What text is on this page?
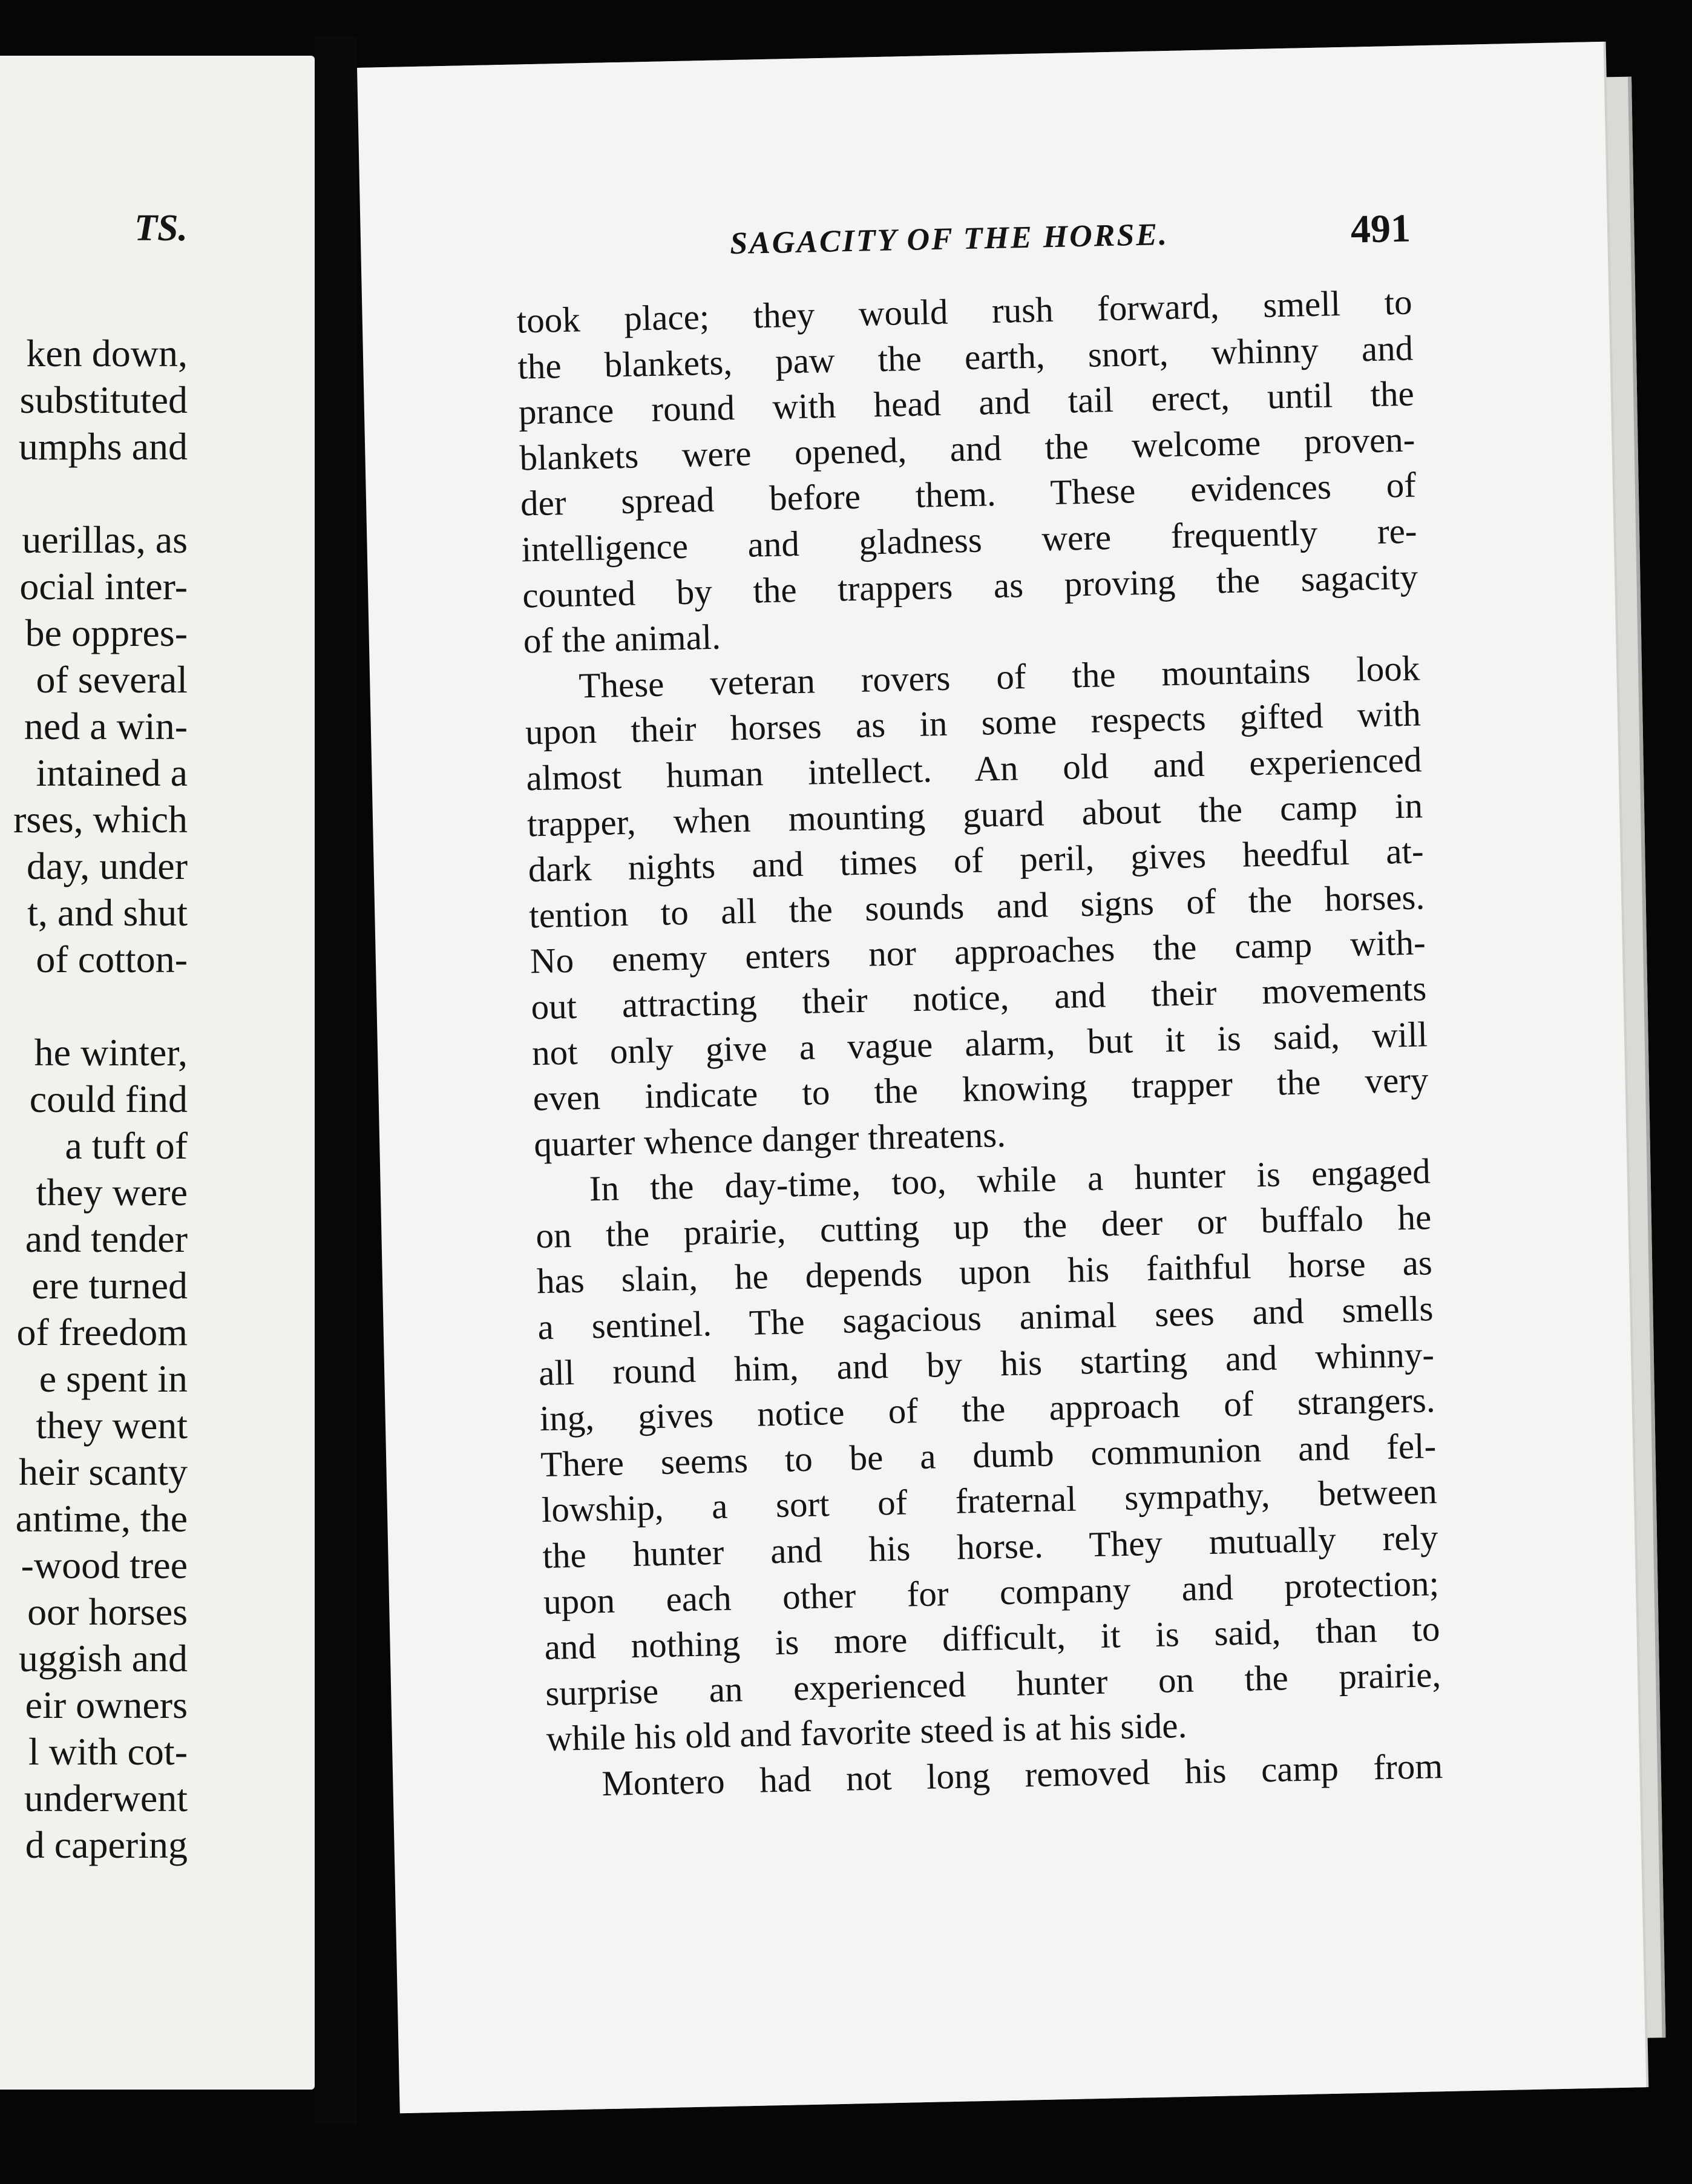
TS.
ken down,
substituted
umphs and
uerillas, as
ocial inter-
be oppres-
of several
ned a win-
intained a
rses, which
day, under
t, and shut
of cotton-
he winter,
could find
a tuft of
they were
and tender
ere turned
of freedom
e spent in
they went
heir scanty
antime, the
-wood tree
oor horses
uggish and
eir owners
l with cot-
underwent
d capering
SAGACITY OF THE HORSE.	491
took place; they would rush forward, smell to
the blankets, paw the earth, snort, whinny and
prance round with head and tail erect, until the
blankets were opened, and the welcome proven-
der spread before them. These evidences of
intelligence and gladness were frequently re-
counted by the trappers as proving the sagacity
of the animal.
These veteran rovers of the mountains look
upon their horses as in some respects gifted with
almost human intellect. An old and experienced
trapper, when mounting guard about the camp in
dark nights and times of peril, gives heedful at-
tention to all the sounds and signs of the horses.
No enemy enters nor approaches the camp with-
out attracting their notice, and their movements
not only give a vague alarm, but it is said, will
even indicate to the knowing trapper the very
quarter whence danger threatens.
In the day-time, too, while a hunter is engaged
on the prairie, cutting up the deer or buffalo he
has slain, he depends upon his faithful horse as
a sentinel. The sagacious animal sees and smells
all round him, and by his starting and whinny-
ing, gives notice of the approach of strangers.
There seems to be a dumb communion and fel-
lowship, a sort of fraternal sympathy, between
the hunter and his horse. They mutually rely
upon each other for company and protection;
and nothing is more difficult, it is said, than to
surprise an experienced hunter on the prairie,
while his old and favorite steed is at his side.
Montero had not long removed his camp from
